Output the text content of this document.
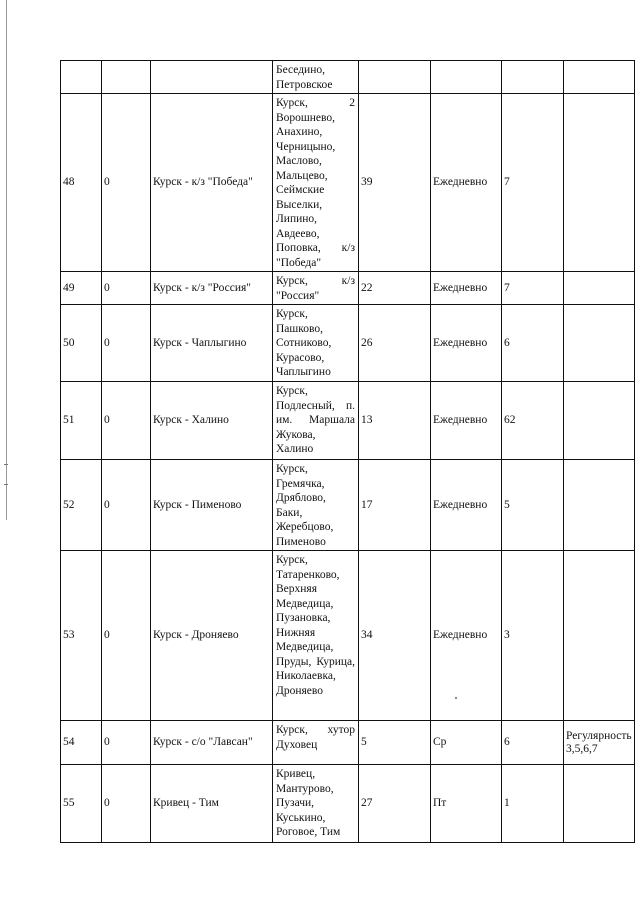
			Беседино, Петровское				
48	0	Курск - к/з "Победа"	Курск, 2 Ворошнево, Анахино, Черницыно, Маслово, Мальцево, Сеймские Выселки, Липино, Авдеево, Поповка, к/з "Победа"	39	Ежедневно	7	
49	0	Курск - к/з "Россия"	Курск, к/з "Россия"	22	Ежедневно	7	
50	0	Курск - Чаплыгино	Курск, Пашково, Сотниково, Курасово, Чаплыгино	26	Ежедневно	6	
51	0	Курск - Халино	Курск, Подлесный, п. им. Маршала Жукова, Халино	13	Ежедневно	62	
52	0	Курск - Пименово	Курск, Гремячка, Дряблово, Баки, Жеребцово, Пименово	17	Ежедневно	5	
53	0	Курск - Дроняево	Курск, Татаренково, Верхняя Медведица, Пузановка, Нижняя Медведица, Пруды, Курица, Николаевка, Дроняево	34	Ежедневно	3	
54	0	Курск - с/о "Лавсан"	Курск, хутор Духовец	5	Ср	6	Регулярность 3,5,6,7
55	0	Кривец - Тим	Кривец, Мантурово, Пузачи, Куськино, Роговое, Тим	27	Пт	1	
